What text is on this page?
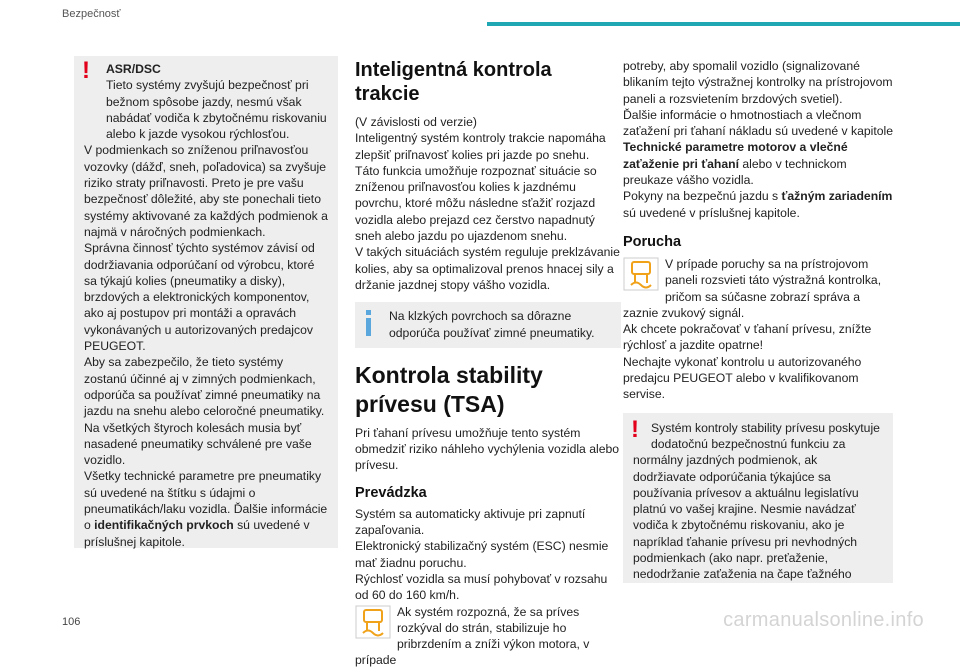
Bezpečnosť
!	ASR/DSC

Tieto systémy zvyšujú bezpečnosť pri bežnom spôsobe jazdy, nesmú však nabádať vodiča k zbytočnému riskovaniu alebo k jazde vysokou rýchlosťou.

V podmienkach so zníženou priľnavosťou vozovky (dážď, sneh, poľadovica) sa zvyšuje riziko straty priľnavosti. Preto je pre vašu bezpečnosť dôležité, aby ste ponechali tieto systémy aktivované za každých podmienok a najmä v náročných podmienkach.

Správna činnosť týchto systémov závisí od dodržiavania odporúčaní od výrobcu, ktoré sa týkajú kolies (pneumatiky a disky), brzdových a elektronických komponentov, ako aj postupov pri montáži a opravách vykonávaných u autorizovaných predajcov PEUGEOT.

Aby sa zabezpečilo, že tieto systémy zostanú účinné aj v zimných podmienkach, odporúča sa používať zimné pneumatiky na jazdu na snehu alebo celoročné pneumatiky.

Na všetkých štyroch kolesách musia byť nasadené pneumatiky schválené pre vaše vozidlo.

Všetky technické parametre pre pneumatiky sú uvedené na štítku s údajmi o pneumatikách/laku vozidla. Ďalšie informácie o identifikačných prvkoch sú uvedené v príslušnej kapitole.

Inteligentná kontrola trakcie

(V závislosti od verzie)

Inteligentný systém kontroly trakcie napomáha zlepšiť priľnavosť kolies pri jazde po snehu.

Táto funkcia umožňuje rozpoznať situácie so zníženou priľnavosťou kolies k jazdnému povrchu, ktoré môžu následne sťažiť rozjazd vozidla alebo prejazd cez čerstvo napadnutý sneh alebo jazdu po ujazdenom snehu.

V takých situáciách systém reguluje preklzávanie kolies, aby sa optimalizoval prenos hnacej sily a držanie jazdnej stopy vášho vozidla.

Na klzkých povrchoch sa dôrazne odporúča používať zimné pneumatiky.

Kontrola stability prívesu (TSA)

Pri ťahaní prívesu umožňuje tento systém obmedziť riziko náhleho vychýlenia vozidla alebo prívesu.

Prevádzka

Systém sa automaticky aktivuje pri zapnutí zapaľovania.

Elektronický stabilizačný systém (ESC) nesmie mať žiadnu poruchu.

Rýchlosť vozidla sa musí pohybovať v rozsahu od 60 do 160 km/h.

Ak systém rozpozná, že sa príves rozkýval do strán, stabilizuje ho pribrzdením a zníži výkon motora, v prípade

potreby, aby spomalil vozidlo (signalizované blikaním tejto výstražnej kontrolky na prístrojovom paneli a rozsvietením brzdových svetiel).

Ďalšie informácie o hmotnostiach a vlečnom zaťažení pri ťahaní nákladu sú uvedené v kapitole Technické parametre motorov a vlečné zaťaženie pri ťahaní alebo v technickom preukaze vášho vozidla.

Pokyny na bezpečnú jazdu s ťažným zariadením sú uvedené v príslušnej kapitole.

Porucha

V prípade poruchy sa na prístrojovom paneli rozsvieti táto výstražná kontrolka, pričom sa súčasne zobrazí správa a zaznie zvukový signál.

Ak chcete pokračovať v ťahaní prívesu, znížte rýchlosť a jazdite opatrne!

Nechajte vykonať kontrolu u autorizovaného predajcu PEUGEOT alebo v kvalifikovanom servise.

! Systém kontroly stability prívesu poskytuje dodatočnú bezpečnostnú funkciu za normálny jazdných podmienok, ak dodržiavate odporúčania týkajúce sa používania prívesov a aktuálnu legislatívu platnú vo vašej krajine. Nesmie navádzať vodiča k zbytočnému riskovaniu, ako je napríklad ťahanie prívesu pri nevhodných podmienkach (ako napr. preťaženie, nedodržanie zaťaženia na čape ťažného

106	carmanualsonline.info
